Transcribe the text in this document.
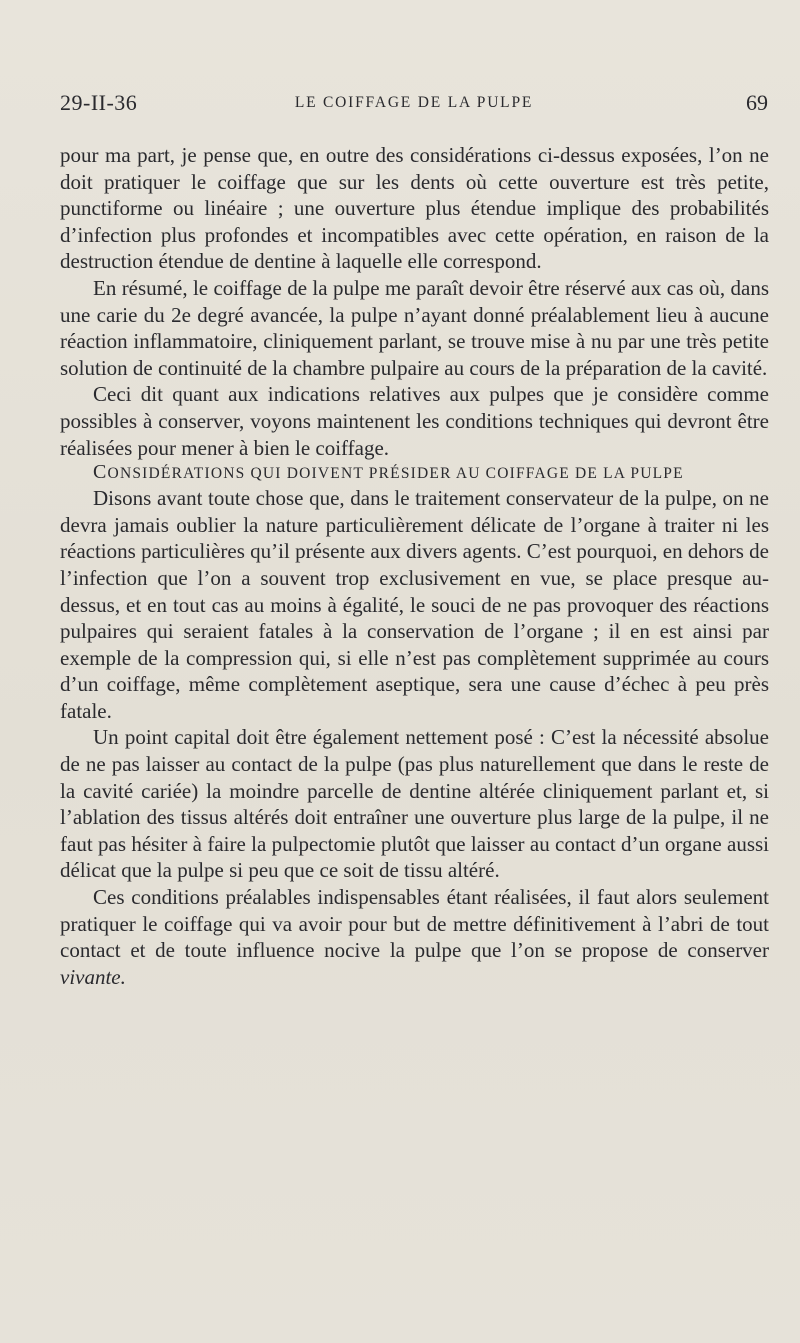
29-II-36	LE COIFFAGE DE LA PULPE	69

pour ma part, je pense que, en outre des considérations ci-dessus exposées, l’on ne doit pratiquer le coiffage que sur les dents où cette ouverture est très petite, punctiforme ou linéaire ; une ouverture plus étendue implique des probabilités d’infection plus profondes et incompatibles avec cette opération, en raison de la destruction étendue de dentine à laquelle elle correspond.

En résumé, le coiffage de la pulpe me paraît devoir être réservé aux cas où, dans une carie du 2e degré avancée, la pulpe n’ayant donné préalablement lieu à aucune réaction inflammatoire, cliniquement parlant, se trouve mise à nu par une très petite solution de continuité de la chambre pulpaire au cours de la préparation de la cavité.

Ceci dit quant aux indications relatives aux pulpes que je considère comme possibles à conserver, voyons maintenent les conditions techniques qui devront être réalisées pour mener à bien le coiffage.

CONSIDÉRATIONS QUI DOIVENT PRÉSIDER AU COIFFAGE DE LA PULPE

Disons avant toute chose que, dans le traitement conservateur de la pulpe, on ne devra jamais oublier la nature particulièrement délicate de l’organe à traiter ni les réactions particulières qu’il présente aux divers agents. C’est pourquoi, en dehors de l’infection que l’on a souvent trop exclusivement en vue, se place presque au-dessus, et en tout cas au moins à égalité, le souci de ne pas provoquer des réactions pulpaires qui seraient fatales à la conservation de l’organe ; il en est ainsi par exemple de la compression qui, si elle n’est pas complètement supprimée au cours d’un coiffage, même complètement aseptique, sera une cause d’échec à peu près fatale.

Un point capital doit être également nettement posé : C’est la nécessité absolue de ne pas laisser au contact de la pulpe (pas plus naturellement que dans le reste de la cavité cariée) la moindre parcelle de dentine altérée cliniquement parlant et, si l’ablation des tissus altérés doit entraîner une ouverture plus large de la pulpe, il ne faut pas hésiter à faire la pulpectomie plutôt que laisser au contact d’un organe aussi délicat que la pulpe si peu que ce soit de tissu altéré.

Ces conditions préalables indispensables étant réalisées, il faut alors seulement pratiquer le coiffage qui va avoir pour but de mettre définitivement à l’abri de tout contact et de toute influence nocive la pulpe que l’on se propose de conserver vivante.
